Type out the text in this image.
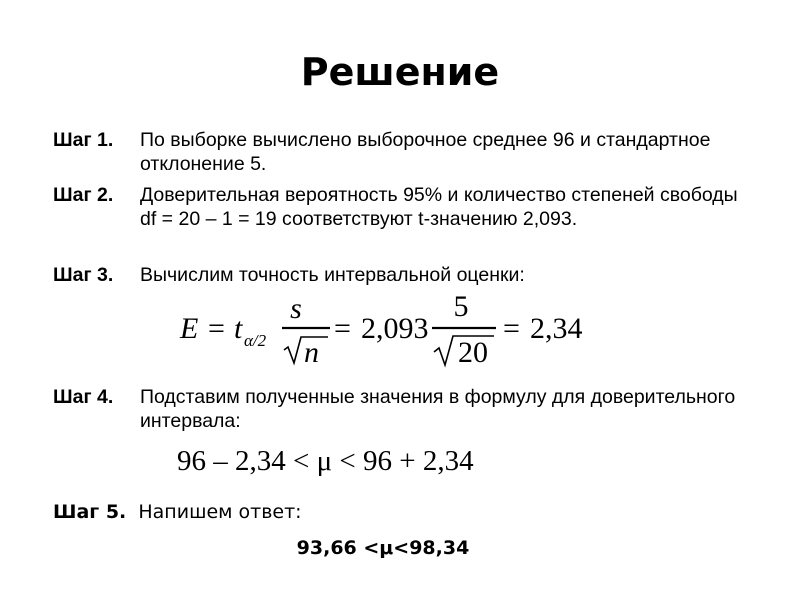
Решение
Шаг 1. По выборке вычислено выборочное среднее 96 и стандартное отклонение 5.
Шаг 2. Доверительная вероятность 95% и количество степеней свободы df = 20 – 1 = 19 соответствуют t-значению 2,093.
Шаг 3. Вычислим точность интервальной оценки:
E = t α/2
s
n
= 2,093
5
20
= 2,34
Шаг 4. Подставим полученные значения в формулу для доверительного интервала:
96 – 2,34 < μ < 96 + 2,34
Шаг 5. Напишем ответ:
93,66 <μ<98,34
